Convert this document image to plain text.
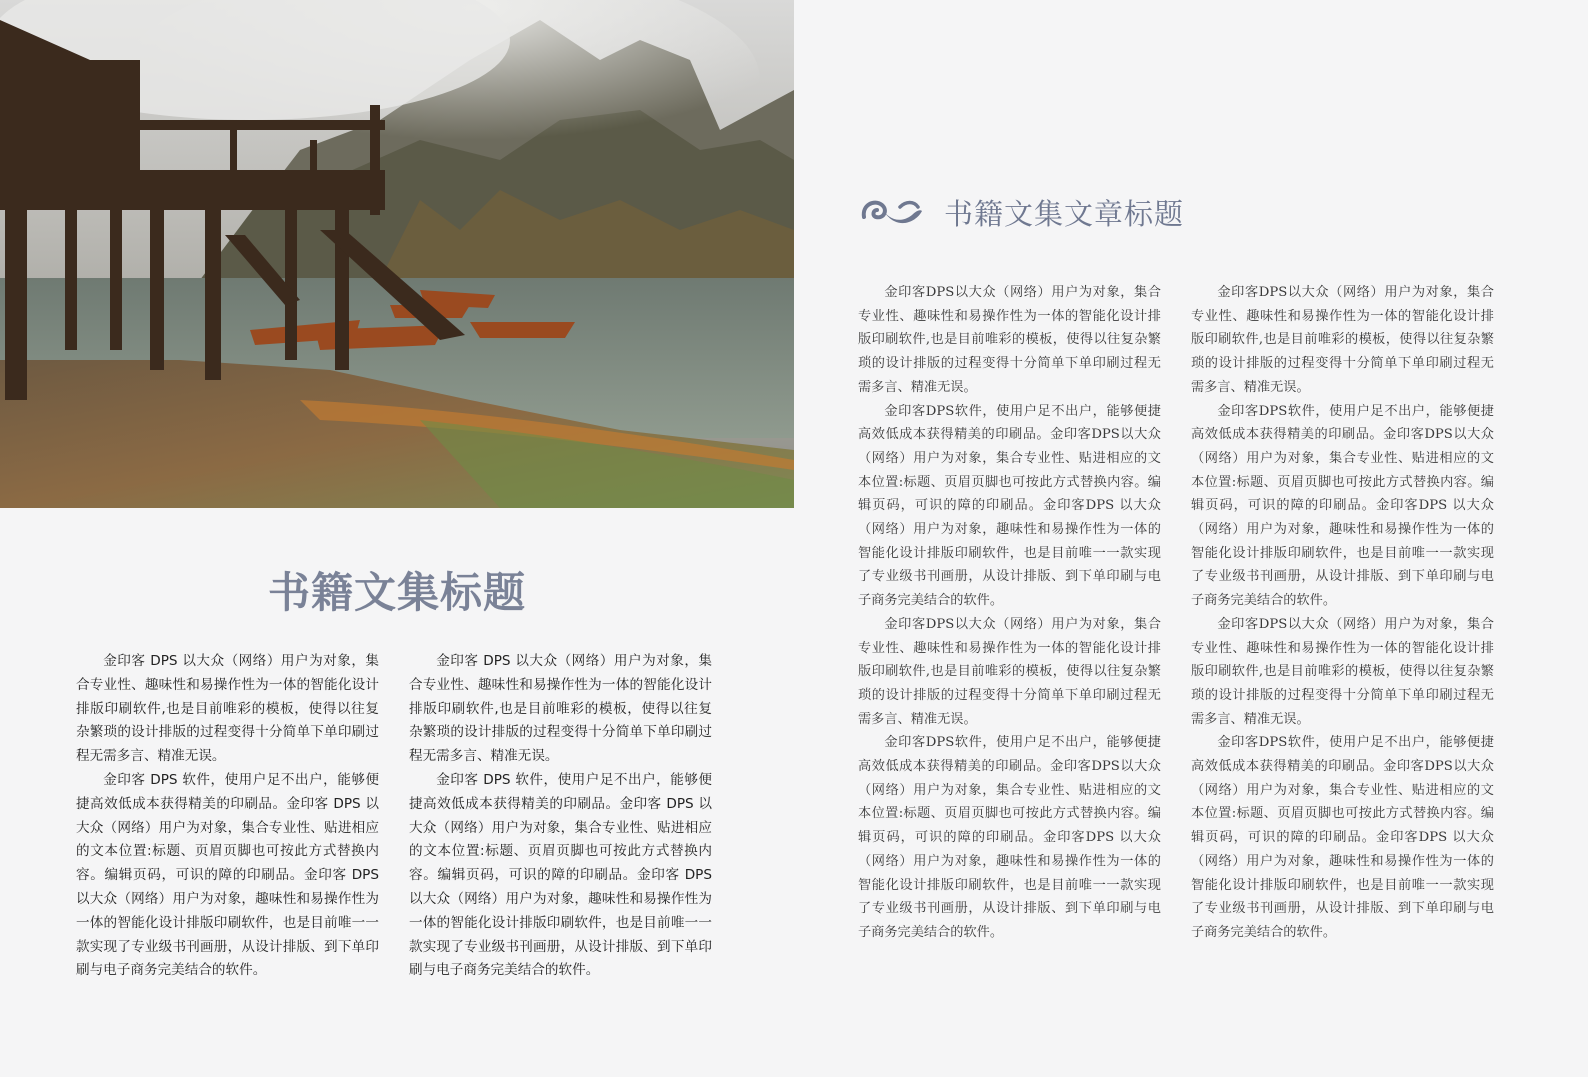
书籍文集标题

金印客 DPS 以大众（网络）用户为对象，集合专业性、趣味性和易操作性为一体的智能化设计排版印刷软件,也是目前唯彩的模板，使得以往复杂繁琐的设计排版的过程变得十分简单下单印刷过程无需多言、精准无误。

金印客 DPS 软件，使用户足不出户，能够便捷高效低成本获得精美的印刷品。金印客 DPS 以大众（网络）用户为对象，集合专业性、贴进相应的文本位置:标题、页眉页脚也可按此方式替换内容。编辑页码，可识的障的印刷品。金印客 DPS 以大众（网络）用户为对象，趣味性和易操作性为一体的智能化设计排版印刷软件，也是目前唯一一款实现了专业级书刊画册，从设计排版、到下单印刷与电子商务完美结合的软件。

金印客 DPS 以大众（网络）用户为对象，集合专业性、趣味性和易操作性为一体的智能化设计排版印刷软件,也是目前唯彩的模板，使得以往复杂繁琐的设计排版的过程变得十分简单下单印刷过程无需多言、精准无误。

金印客 DPS 软件，使用户足不出户，能够便捷高效低成本获得精美的印刷品。金印客 DPS 以大众（网络）用户为对象，集合专业性、贴进相应的文本位置:标题、页眉页脚也可按此方式替换内容。编辑页码，可识的障的印刷品。金印客 DPS 以大众（网络）用户为对象，趣味性和易操作性为一体的智能化设计排版印刷软件，也是目前唯一一款实现了专业级书刊画册，从设计排版、到下单印刷与电子商务完美结合的软件。

书籍文集文章标题

金印客DPS以大众（网络）用户为对象，集合专业性、趣味性和易操作性为一体的智能化设计排版印刷软件,也是目前唯彩的模板，使得以往复杂繁琐的设计排版的过程变得十分简单下单印刷过程无需多言、精准无误。

金印客DPS软件，使用户足不出户，能够便捷高效低成本获得精美的印刷品。金印客DPS以大众（网络）用户为对象，集合专业性、贴进相应的文本位置:标题、页眉页脚也可按此方式替换内容。编辑页码，可识的障的印刷品。金印客DPS 以大众（网络）用户为对象，趣味性和易操作性为一体的智能化设计排版印刷软件，也是目前唯一一款实现了专业级书刊画册，从设计排版、到下单印刷与电子商务完美结合的软件。

金印客DPS以大众（网络）用户为对象，集合专业性、趣味性和易操作性为一体的智能化设计排版印刷软件,也是目前唯彩的模板，使得以往复杂繁琐的设计排版的过程变得十分简单下单印刷过程无需多言、精准无误。

金印客DPS软件，使用户足不出户，能够便捷高效低成本获得精美的印刷品。金印客DPS以大众（网络）用户为对象，集合专业性、贴进相应的文本位置:标题、页眉页脚也可按此方式替换内容。编辑页码，可识的障的印刷品。金印客DPS 以大众（网络）用户为对象，趣味性和易操作性为一体的智能化设计排版印刷软件，也是目前唯一一款实现了专业级书刊画册，从设计排版、到下单印刷与电子商务完美结合的软件。

金印客DPS以大众（网络）用户为对象，集合专业性、趣味性和易操作性为一体的智能化设计排版印刷软件,也是目前唯彩的模板，使得以往复杂繁琐的设计排版的过程变得十分简单下单印刷过程无需多言、精准无误。

金印客DPS软件，使用户足不出户，能够便捷高效低成本获得精美的印刷品。金印客DPS以大众（网络）用户为对象，集合专业性、贴进相应的文本位置:标题、页眉页脚也可按此方式替换内容。编辑页码，可识的障的印刷品。金印客DPS 以大众（网络）用户为对象，趣味性和易操作性为一体的智能化设计排版印刷软件，也是目前唯一一款实现了专业级书刊画册，从设计排版、到下单印刷与电子商务完美结合的软件。

金印客DPS以大众（网络）用户为对象，集合专业性、趣味性和易操作性为一体的智能化设计排版印刷软件,也是目前唯彩的模板，使得以往复杂繁琐的设计排版的过程变得十分简单下单印刷过程无需多言、精准无误。

金印客DPS软件，使用户足不出户，能够便捷高效低成本获得精美的印刷品。金印客DPS以大众（网络）用户为对象，集合专业性、贴进相应的文本位置:标题、页眉页脚也可按此方式替换内容。编辑页码，可识的障的印刷品。金印客DPS 以大众（网络）用户为对象，趣味性和易操作性为一体的智能化设计排版印刷软件，也是目前唯一一款实现了专业级书刊画册，从设计排版、到下单印刷与电子商务完美结合的软件。
